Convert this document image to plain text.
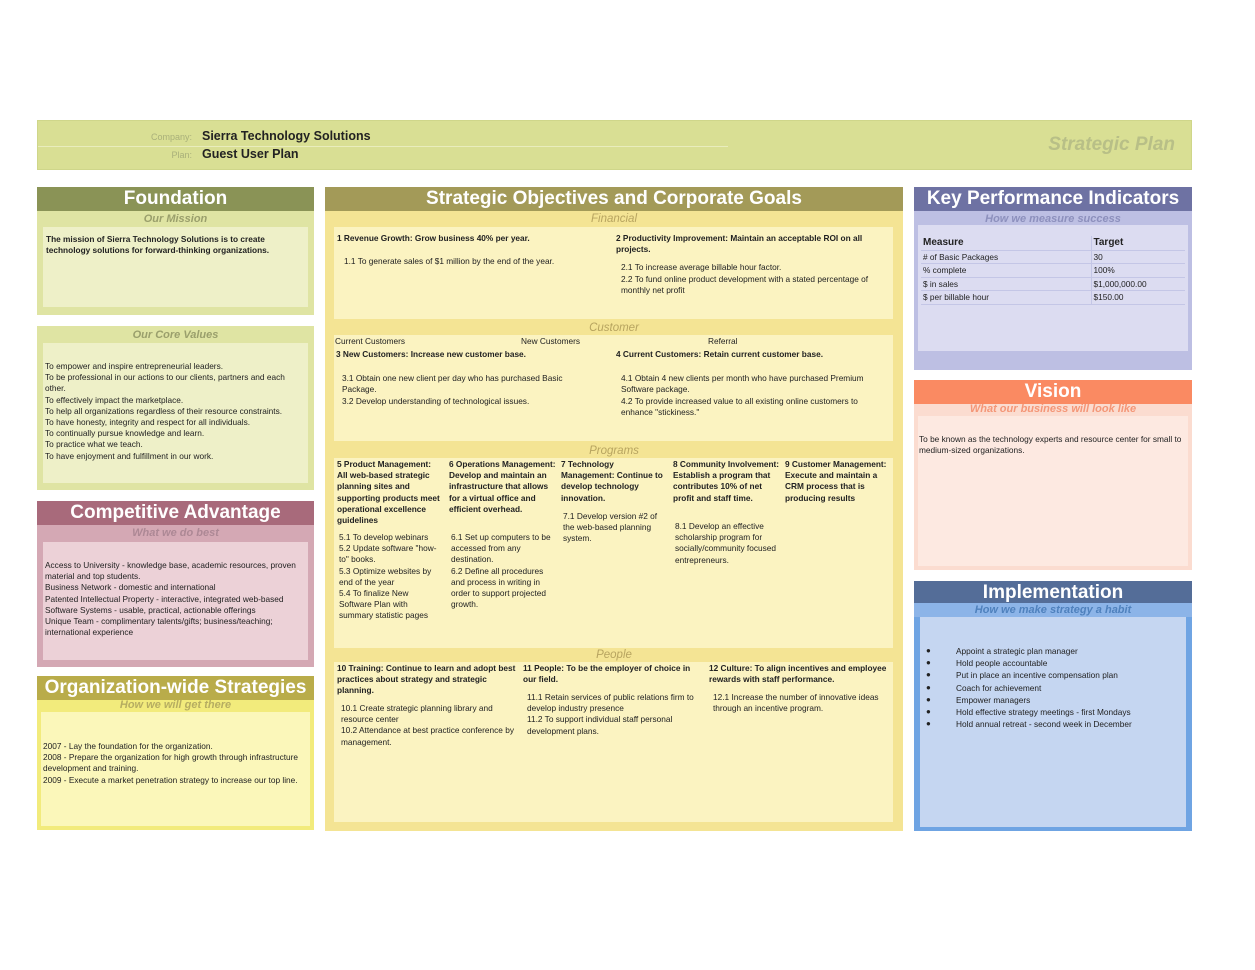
Company: Sierra Technology Solutions
Plan: Guest User Plan	Strategic Plan
Foundation
Our Mission
The mission of Sierra Technology Solutions is to create technology solutions for forward-thinking organizations.
Our Core Values
To empower and inspire entrepreneurial leaders.
To be professional in our actions to our clients, partners and each other.
To effectively impact the marketplace.
To help all organizations regardless of their resource constraints.
To have honesty, integrity and respect for all individuals.
To continually pursue knowledge and learn.
To practice what we teach.
To have enjoyment and fulfillment in our work.
Competitive Advantage
What we do best
Access to University - knowledge base, academic resources, proven material and top students.
Business Network - domestic and international
Patented Intellectual Property - interactive, integrated web-based Software Systems - usable, practical, actionable offerings
Unique Team - complimentary talents/gifts; business/teaching; international experience
Organization-wide Strategies
How we will get there
2007 - Lay the foundation for the organization.
2008 - Prepare the organization for high growth through infrastructure development and training.
2009 - Execute a market penetration strategy to increase our top line.
Strategic Objectives and Corporate Goals
Financial
1 Revenue Growth: Grow business 40% per year.
1.1 To generate sales of $1 million by the end of the year.
2 Productivity Improvement: Maintain an acceptable ROI on all projects.
2.1 To increase average billable hour factor.
2.2 To fund online product development with a stated percentage of monthly net profit
Customer
Current Customers	New Customers	Referral
3 New Customers: Increase new customer base.
3.1 Obtain one new client per day who has purchased Basic Package.
3.2 Develop understanding of technological issues.
4 Current Customers: Retain current customer base.
4.1 Obtain 4 new clients per month who have purchased Premium Software package.
4.2 To provide increased value to all existing online customers to enhance "stickiness."
Programs
5 Product Management: All web-based strategic planning sites and supporting products meet operational excellence guidelines
5.1 To develop webinars
5.2 Update software "how-to" books.
5.3 Optimize websites by end of the year
5.4 To finalize New Software Plan with summary statistic pages
6 Operations Management: Develop and maintain an infrastructure that allows for a virtual office and efficient overhead.
6.1 Set up computers to be accessed from any destination.
6.2 Define all procedures and process in writing in order to support projected growth.
7 Technology Management: Continue to develop technology innovation.
7.1 Develop version #2 of the web-based planning system.
8 Community Involvement: Establish a program that contributes 10% of net profit and staff time.
8.1 Develop an effective scholarship program for socially/community focused entrepreneurs.
9 Customer Management: Execute and maintain a CRM process that is producing results
People
10 Training: Continue to learn and adopt best practices about strategy and strategic planning.
10.1 Create strategic planning library and resource center
10.2 Attendance at best practice conference by management.
11 People: To be the employer of choice in our field.
11.1 Retain services of public relations firm to develop industry presence
11.2 To support individual staff personal development plans.
12 Culture: To align incentives and employee rewards with staff performance.
12.1 Increase the number of innovative ideas through an incentive program.
Key Performance Indicators
How we measure success
Measure	Target
# of Basic Packages	30
% complete	100%
$ in sales	$1,000,000.00
$ per billable hour	$150.00
Vision
What our business will look like
To be known as the technology experts and resource center for small to medium-sized organizations.
Implementation
How we make strategy a habit
●	Appoint a strategic plan manager
●	Hold people accountable
●	Put in place an incentive compensation plan
●	Coach for achievement
●	Empower managers
●	Hold effective strategy meetings - first Mondays
●	Hold annual retreat - second week in December
